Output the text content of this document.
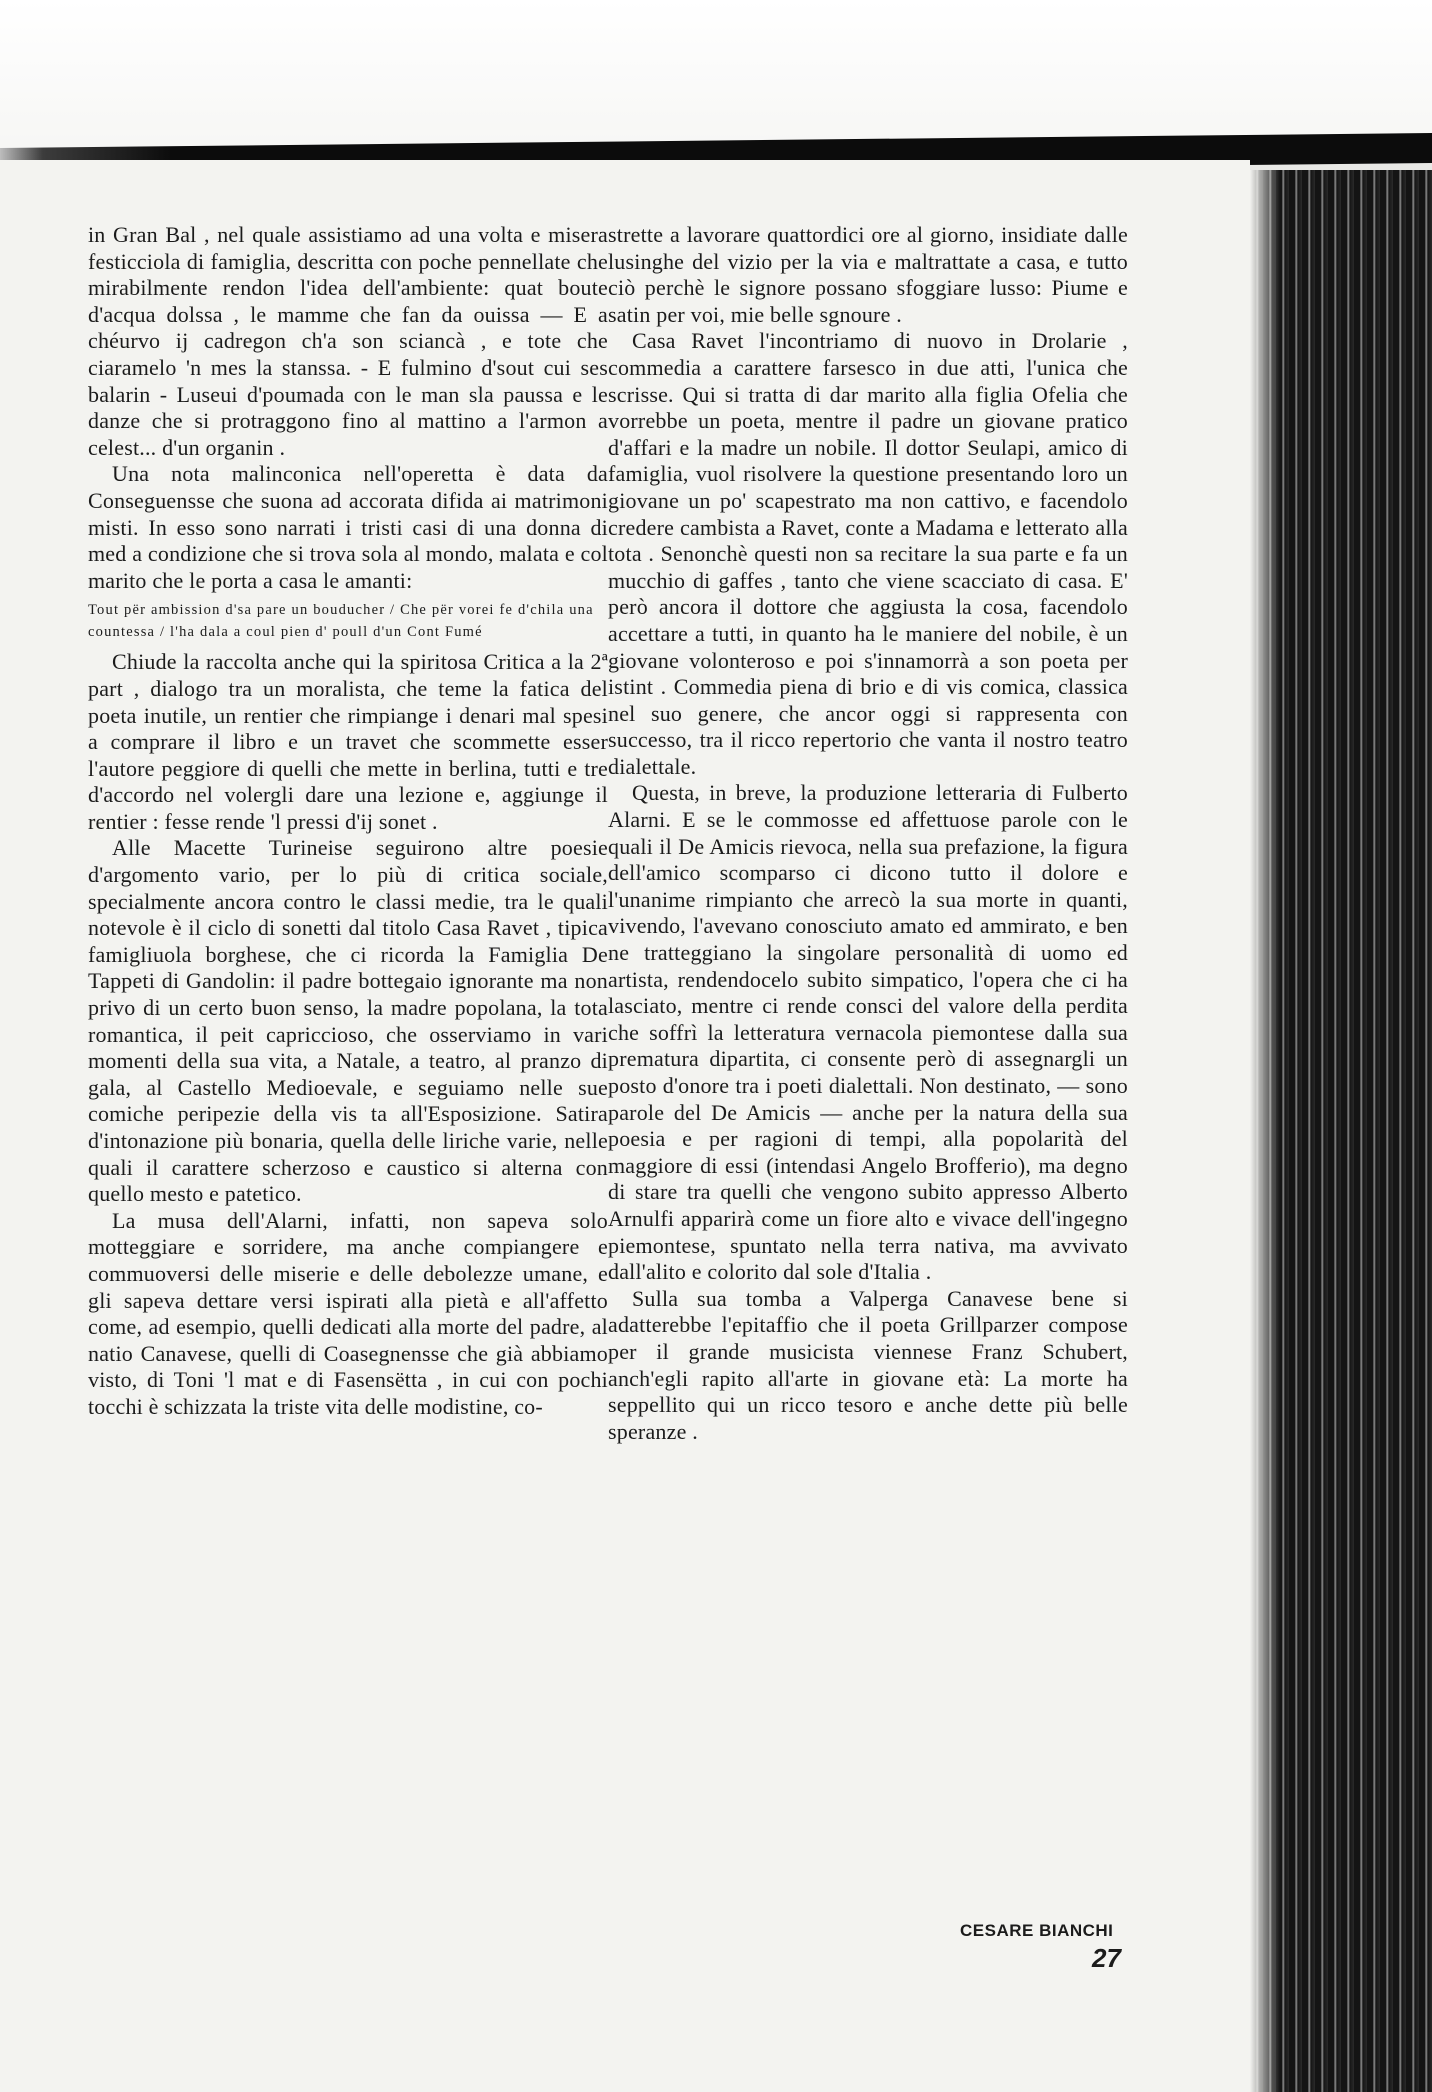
in Gran Bal , nel quale assistiamo ad una volta e misera festicciola di famiglia, descritta con poche pennellate che mirabilmente rendon l'idea dell'ambiente: quat boute d'acqua dolssa , le mamme che fan da ouissa — E a chéurvo ij cadregon ch'a son sciancà , e tote che ciaramelo 'n mes la stanssa. - E fulmino d'sout cui ses balarin - Luseui d'poumada con le man sla paussa e le danze che si protraggono fino al mattino a l'armon a celest... d'un organin .

Una nota malinconica nell'operetta è data da Conseguensse che suona ad accorata difida ai matrimoni misti. In esso sono narrati i tristi casi di una donna di med a condizione che si trova sola al mondo, malata e col marito che le porta a casa le amanti:

Tout për ambission d'sa pare un bouducher / Che për vorei fe d'chila una countessa / l'ha dala a coul pien d' poull d'un Cont Fumé

Chiude la raccolta anche qui la spiritosa Critica a la 2ª part , dialogo tra un moralista, che teme la fatica del poeta inutile, un rentier che rimpiange i denari mal spesi a comprare il libro e un travet che scommette esser l'autore peggiore di quelli che mette in berlina, tutti e tre d'accordo nel volergli dare una lezione e, aggiunge il rentier : fesse rende 'l pressi d'ij sonet .

Alle Macette Turineise seguirono altre poesie d'argomento vario, per lo più di critica sociale, specialmente ancora contro le classi medie, tra le quali notevole è il ciclo di sonetti dal titolo Casa Ravet , tipica famigliuola borghese, che ci ricorda la Famiglia De Tappeti di Gandolin: il padre bottegaio ignorante ma non privo di un certo buon senso, la madre popolana, la tota romantica, il peit capriccioso, che osserviamo in vari momenti della sua vita, a Natale, a teatro, al pranzo di gala, al Castello Medioevale, e seguiamo nelle sue comiche peripezie della vis ta all'Esposizione. Satira d'intonazione più bonaria, quella delle liriche varie, nelle quali il carattere scherzoso e caustico si alterna con quello mesto e patetico.

La musa dell'Alarni, infatti, non sapeva solo motteggiare e sorridere, ma anche compiangere e commuoversi delle miserie e delle debolezze umane, e gli sapeva dettare versi ispirati alla pietà e all'affetto come, ad esempio, quelli dedicati alla morte del padre, al natio Canavese, quelli di Coasegnensse che già abbiamo visto, di Toni 'l mat e di Fasensëtta , in cui con pochi tocchi è schizzata la triste vita delle modistine, co-

strette a lavorare quattordici ore al giorno, insidiate dalle lusinghe del vizio per la via e maltrattate a casa, e tutto ciò perchè le signore possano sfoggiare lusso: Piume e satin per voi, mie belle sgnoure .

Casa Ravet l'incontriamo di nuovo in Drolarie , commedia a carattere farsesco in due atti, l'unica che scrisse. Qui si tratta di dar marito alla figlia Ofelia che vorrebbe un poeta, mentre il padre un giovane pratico d'affari e la madre un nobile. Il dottor Seulapi, amico di famiglia, vuol risolvere la questione presentando loro un giovane un po' scapestrato ma non cattivo, e facendolo credere cambista a Ravet, conte a Madama e letterato alla tota . Senonchè questi non sa recitare la sua parte e fa un mucchio di gaffes , tanto che viene scacciato di casa. E' però ancora il dottore che aggiusta la cosa, facendolo accettare a tutti, in quanto ha le maniere del nobile, è un giovane volonteroso e poi s'innamorrà a son poeta per istint . Commedia piena di brio e di vis comica, classica nel suo genere, che ancor oggi si rappresenta con successo, tra il ricco repertorio che vanta il nostro teatro dialettale.

Questa, in breve, la produzione letteraria di Fulberto Alarni. E se le commosse ed affettuose parole con le quali il De Amicis rievoca, nella sua prefazione, la figura dell'amico scomparso ci dicono tutto il dolore e l'unanime rimpianto che arrecò la sua morte in quanti, vivendo, l'avevano conosciuto amato ed ammirato, e ben ne tratteggiano la singolare personalità di uomo ed artista, rendendocelo subito simpatico, l'opera che ci ha lasciato, mentre ci rende consci del valore della perdita che soffrì la letteratura vernacola piemontese dalla sua prematura dipartita, ci consente però di assegnargli un posto d'onore tra i poeti dialettali. Non destinato, — sono parole del De Amicis — anche per la natura della sua poesia e per ragioni di tempi, alla popolarità del maggiore di essi (intendasi Angelo Brofferio), ma degno di stare tra quelli che vengono subito appresso Alberto Arnulfi apparirà come un fiore alto e vivace dell'ingegno piemontese, spuntato nella terra nativa, ma avvivato dall'alito e colorito dal sole d'Italia .

Sulla sua tomba a Valperga Canavese bene si adatterebbe l'epitaffio che il poeta Grillparzer compose per il grande musicista viennese Franz Schubert, anch'egli rapito all'arte in giovane età: La morte ha seppellito qui un ricco tesoro e anche dette più belle speranze .

CESARE BIANCHI
27
